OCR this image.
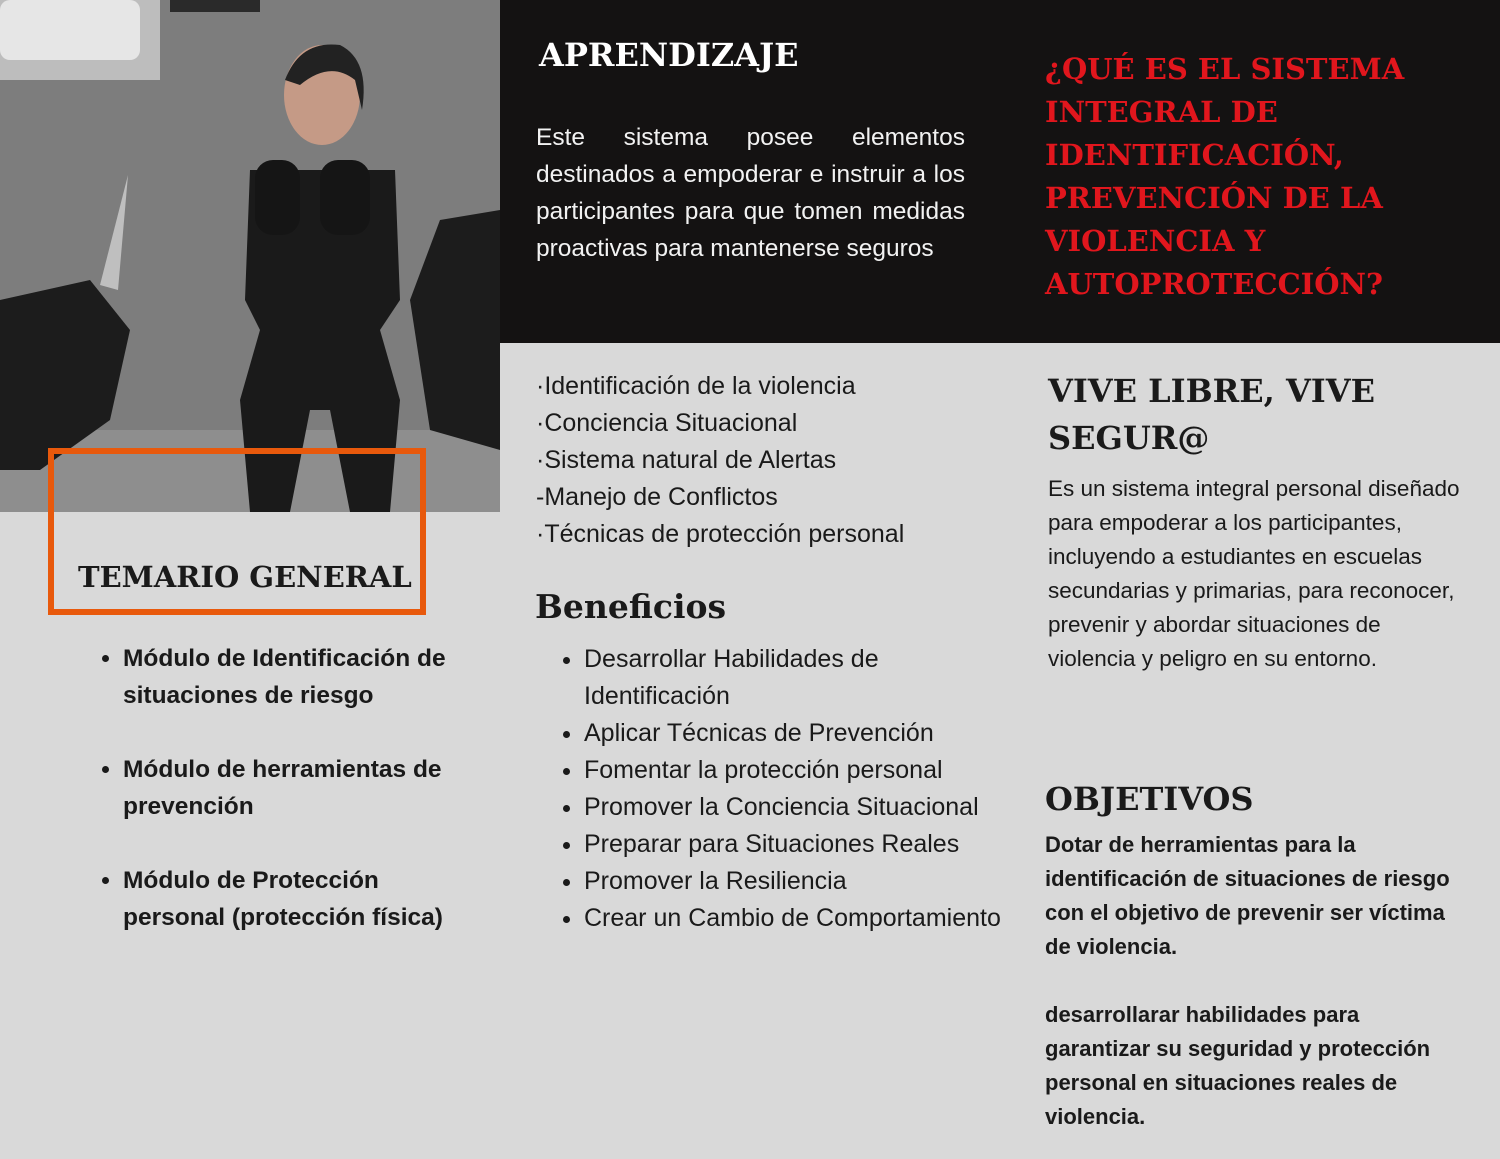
APRENDIZAJE
Este sistema posee elementos destinados a empoderar e instruir a los participantes para que tomen medidas proactivas para mantenerse seguros
¿QUÉ ES EL SISTEMA INTEGRAL DE IDENTIFICACIÓN, PREVENCIÓN DE LA VIOLENCIA Y AUTOPROTECCIÓN?
TEMARIO GENERAL
• Módulo de Identificación de situaciones de riesgo
• Módulo de herramientas de prevención
• Módulo de Protección personal (protección física)
·Identificación de la violencia
·Conciencia Situacional
·Sistema natural de Alertas
-Manejo de Conflictos
·Técnicas de protección personal
Beneficios
• Desarrollar Habilidades de Identificación
• Aplicar Técnicas de Prevención
• Fomentar la protección personal
• Promover la Conciencia Situacional
• Preparar para Situaciones Reales
• Promover la Resiliencia
• Crear un Cambio de Comportamiento
VIVE LIBRE, VIVE SEGUR@
Es un sistema integral personal diseñado para empoderar a los participantes, incluyendo a estudiantes en escuelas secundarias y primarias, para reconocer, prevenir y abordar situaciones de violencia y peligro en su entorno.
OBJETIVOS
Dotar de herramientas para la identificación de situaciones de riesgo con el objetivo de prevenir ser víctima de violencia.
desarrollarar habilidades para garantizar su seguridad y protección personal en situaciones reales de violencia.
